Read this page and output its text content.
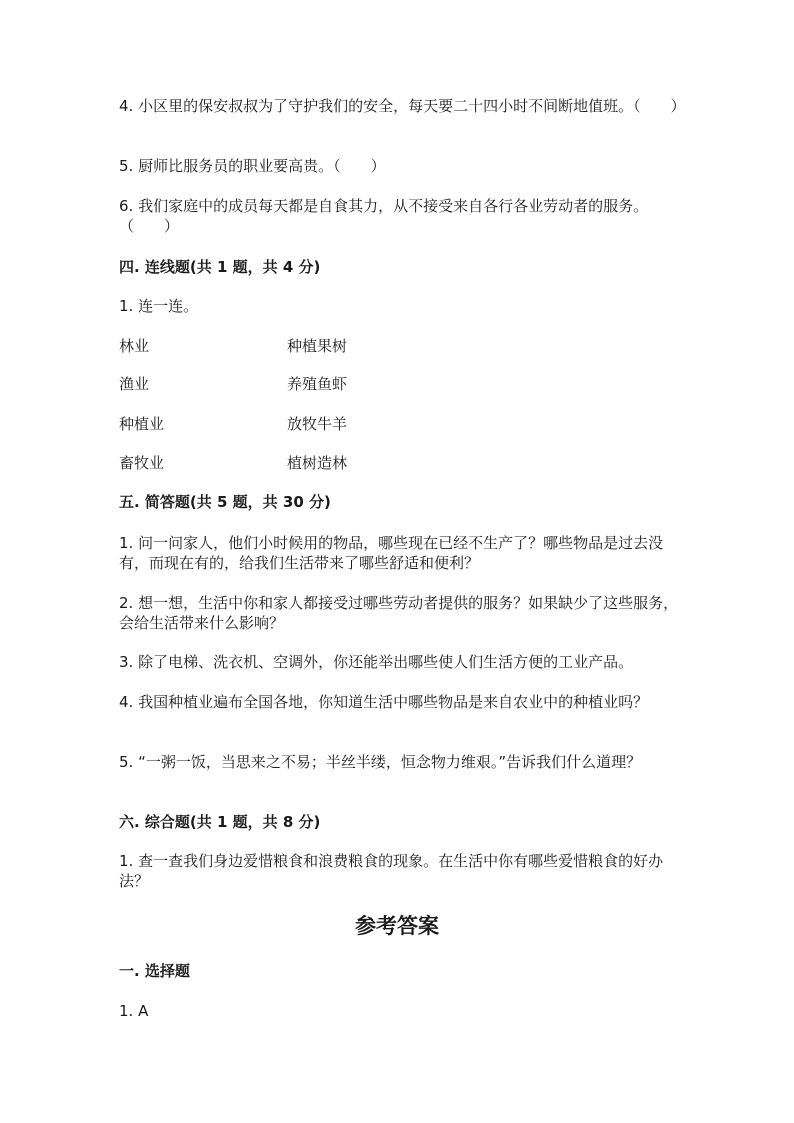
4. 小区里的保安叔叔为了守护我们的安全，每天要二十四小时不间断地值班。（　　）

5. 厨师比服务员的职业要高贵。（　　）

6. 我们家庭中的成员每天都是自食其力，从不接受来自各行各业劳动者的服务。（　　）

四. 连线题(共 1 题，共 4 分)

1. 连一连。

林业	种植果树

渔业	养殖鱼虾

种植业	放牧牛羊

畜牧业	植树造林

五. 简答题(共 5 题，共 30 分)

1. 问一问家人，他们小时候用的物品，哪些现在已经不生产了？哪些物品是过去没有，而现在有的，给我们生活带来了哪些舒适和便利？

2. 想一想，生活中你和家人都接受过哪些劳动者提供的服务？如果缺少了这些服务，会给生活带来什么影响？

3. 除了电梯、洗衣机、空调外，你还能举出哪些使人们生活方便的工业产品。

4. 我国种植业遍布全国各地，你知道生活中哪些物品是来自农业中的种植业吗？

5. “一粥一饭，当思来之不易；半丝半缕，恒念物力维艰。”告诉我们什么道理？

六. 综合题(共 1 题，共 8 分)

1. 查一查我们身边爱惜粮食和浪费粮食的现象。在生活中你有哪些爱惜粮食的好办法？

参考答案

一. 选择题

1. A
